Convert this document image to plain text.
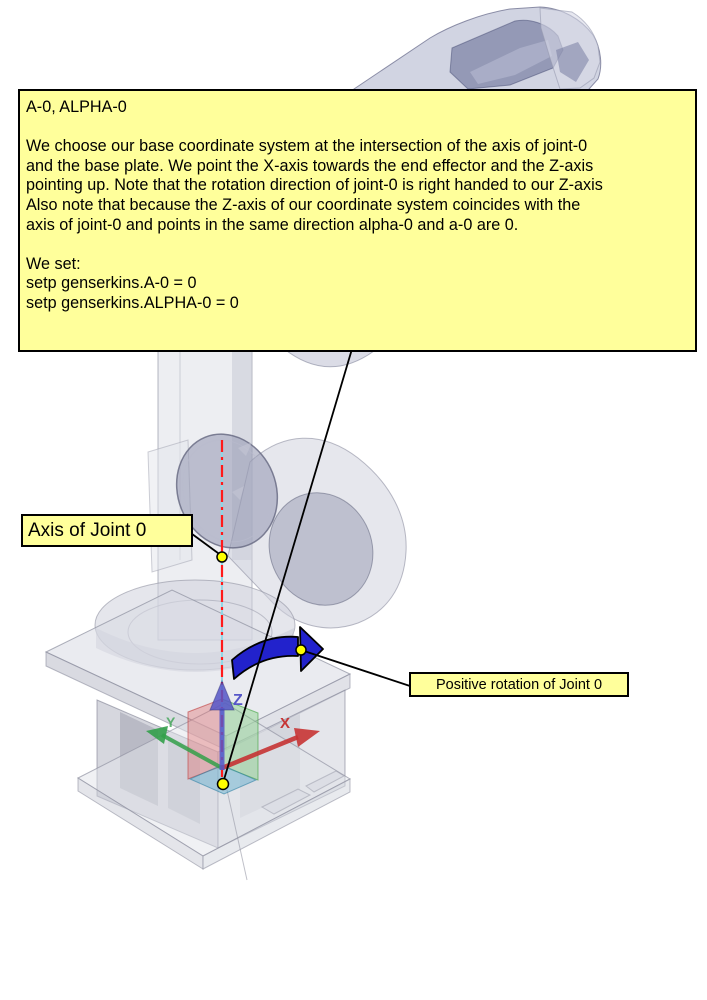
Y	X
Z
A-0, ALPHA-0
We choose our base coordinate system at the intersection of the axis of joint-0
and the base plate. We point the X-axis towards the end effector and the Z-axis
pointing up. Note that the rotation direction of joint-0 is right handed to our Z-axis
Also note that because the Z-axis of our coordinate system coincides with the
axis of joint-0 and points in the same direction alpha-0 and a-0 are 0.
We set:
setp genserkins.A-0 = 0
setp genserkins.ALPHA-0 = 0
Axis of Joint 0
Positive rotation of Joint 0
